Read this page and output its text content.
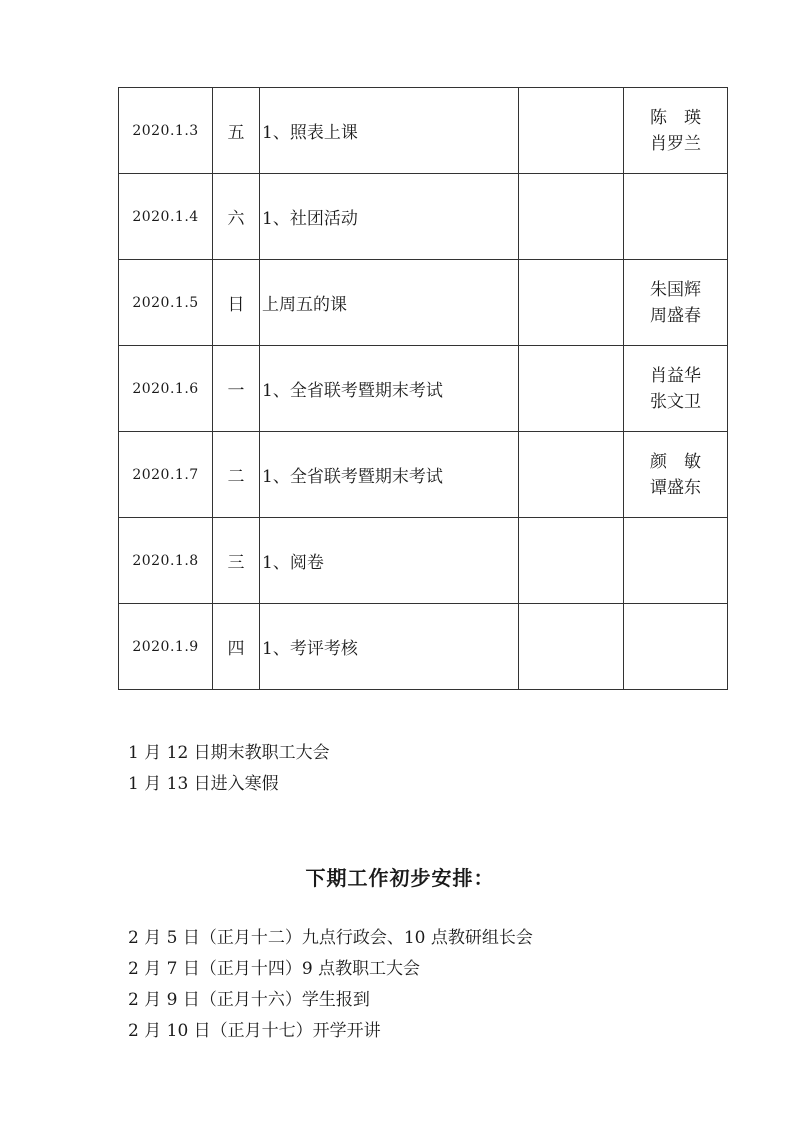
2020.1.3	五	1、照表上课		陈　瑛
肖罗兰

2020.1.4	六	1、社团活动		
2020.1.5	日	上周五的课		朱国辉
周盛春

2020.1.6	一	1、全省联考暨期末考试		肖益华
张文卫

2020.1.7	二	1、全省联考暨期末考试		颜　敏
谭盛东

2020.1.8	三	1、阅卷		
2020.1.9	四	1、考评考核		
1 月 12 日期末教职工大会
1 月 13 日进入寒假
下期工作初步安排：
2 月 5 日（正月十二）九点行政会、10 点教研组长会
2 月 7 日（正月十四）9 点教职工大会
2 月 9 日（正月十六）学生报到
2 月 10 日（正月十七）开学开讲
